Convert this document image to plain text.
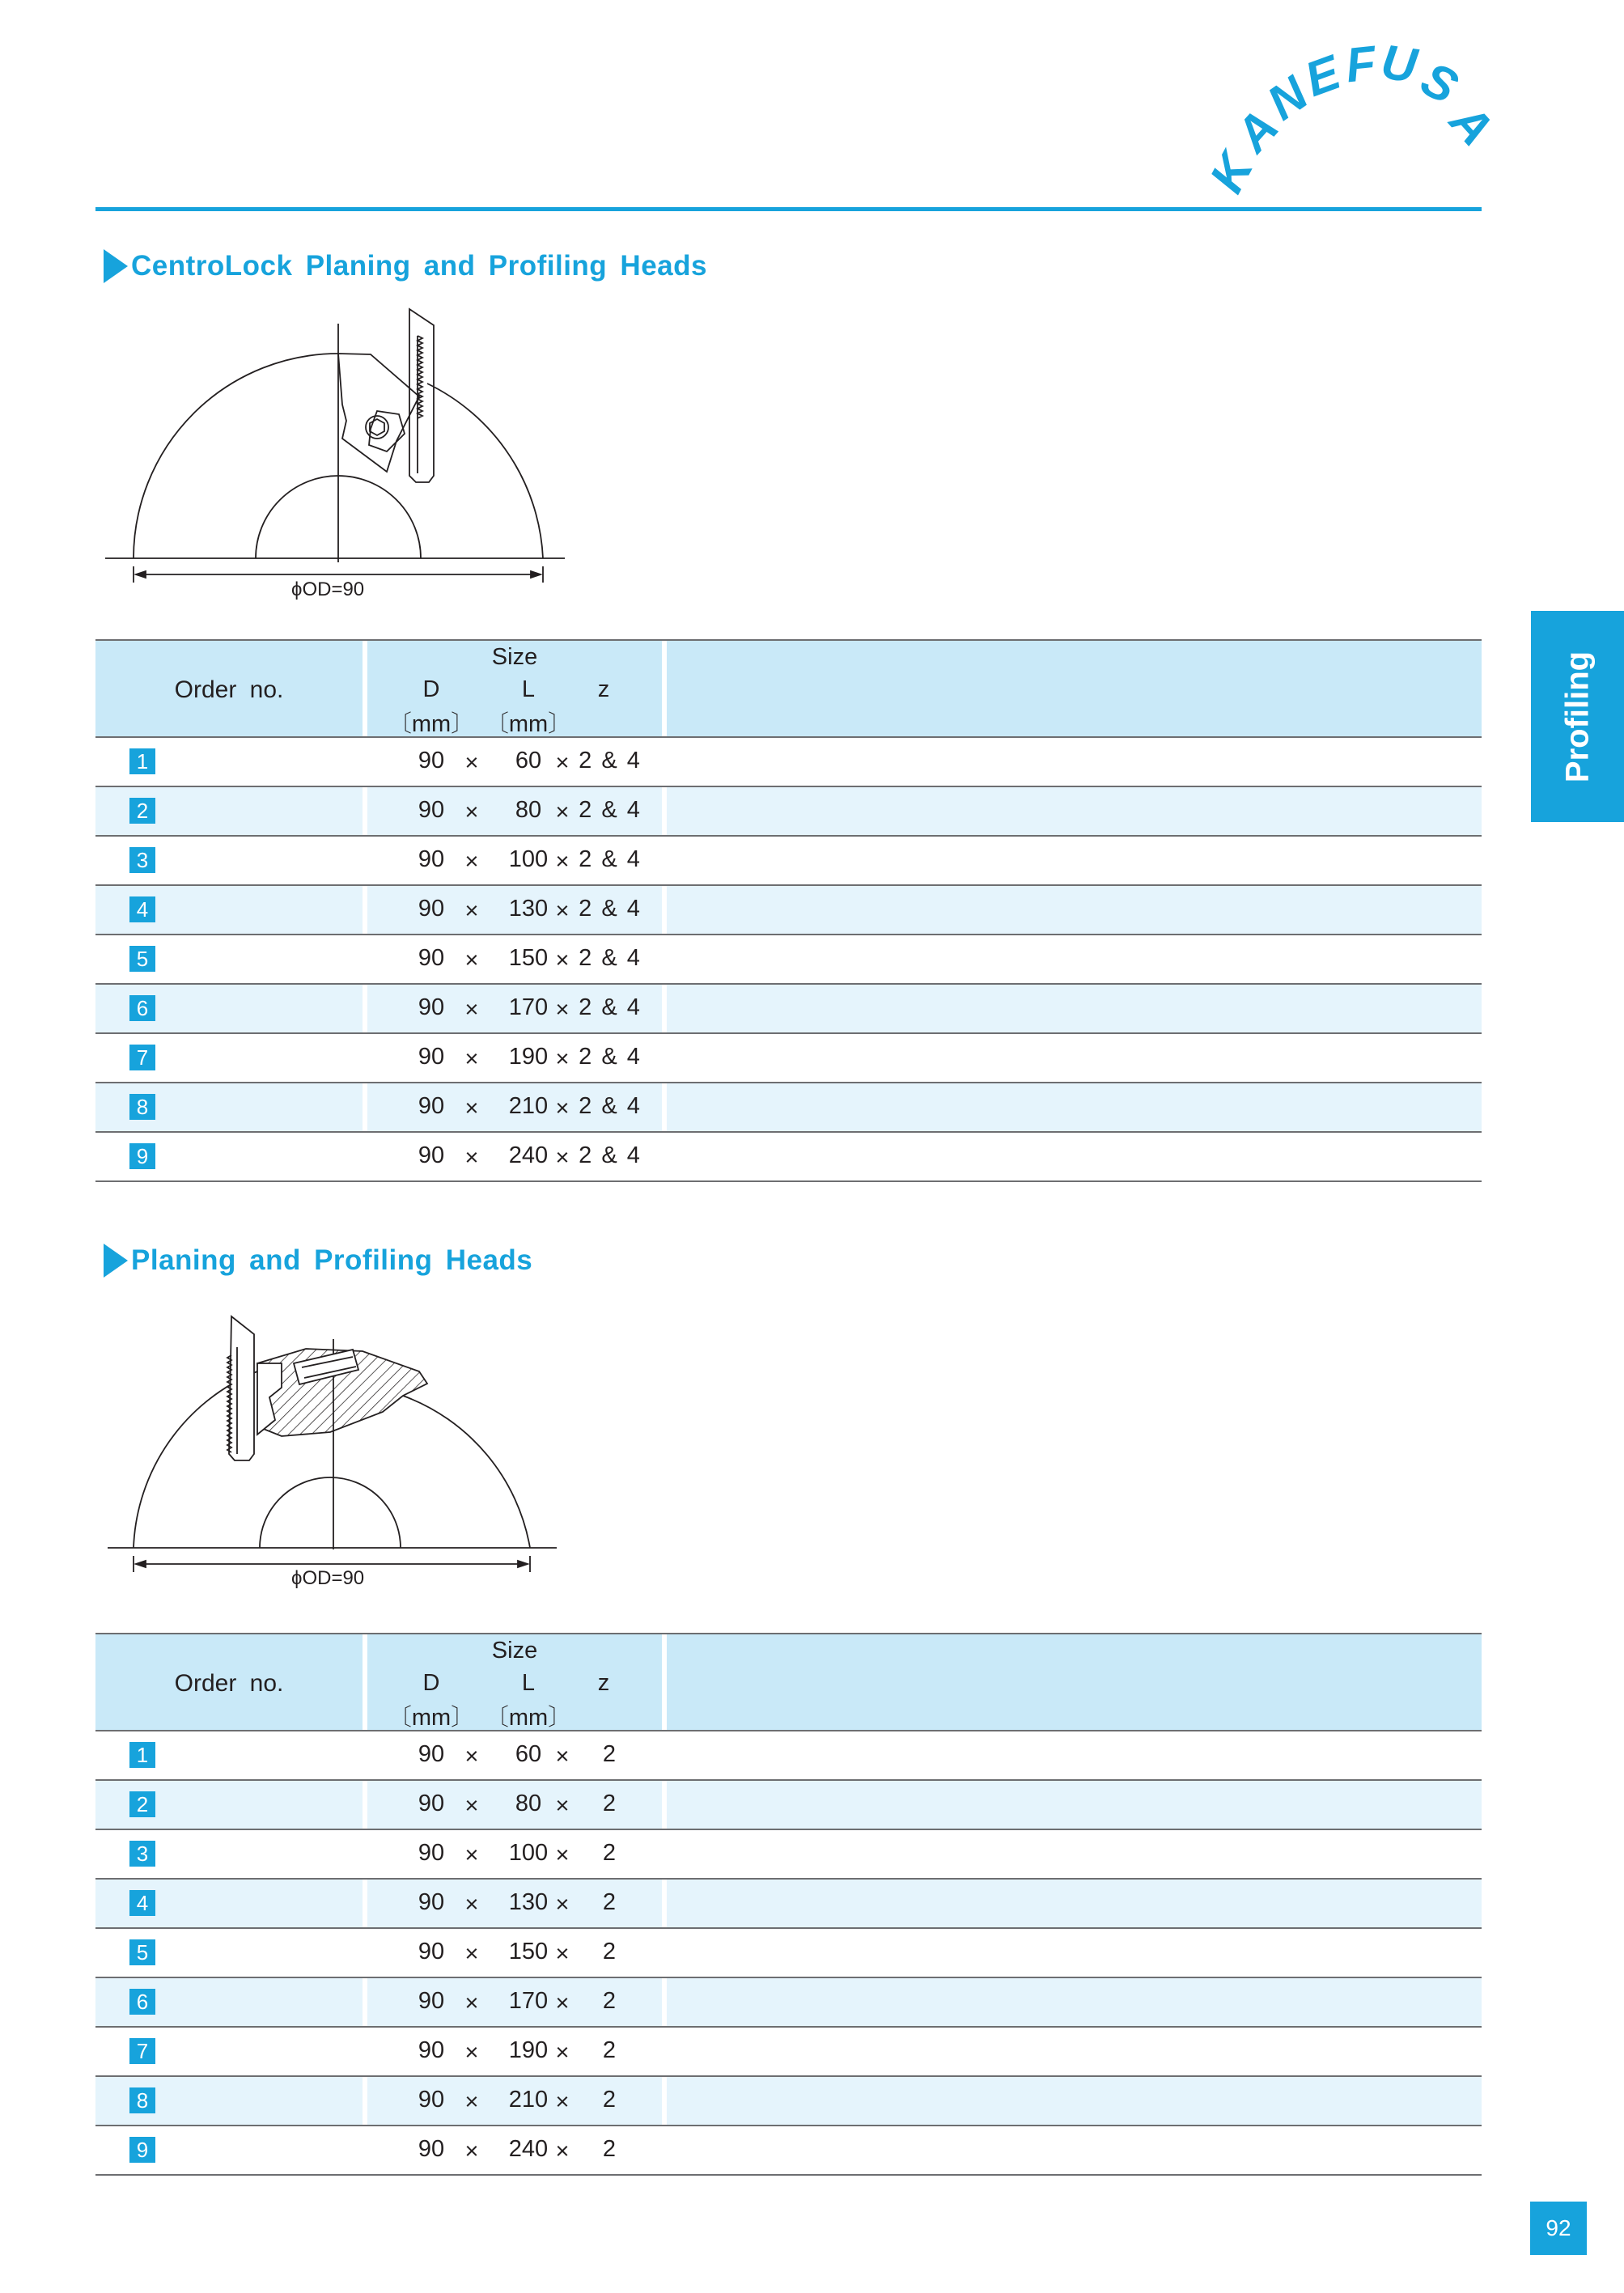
K
A
N
E
F U
S
A
Profiling
CentroLock Planing and Profiling Heads
ϕOD=90
Order no.
Size
D	L	z
〔mm〕 〔mm〕
1	90 ×	60 × 2 & 4
2	90 ×	80 × 2 & 4
3	90 ×	100 × 2 & 4
4	90 ×	130 × 2 & 4
5	90 ×	150 × 2 & 4
6	90 ×	170 × 2 & 4
7	90 ×	190 × 2 & 4
8	90 ×	210 × 2 & 4
9	90 ×	240 × 2 & 4
Planing and Profiling Heads
ϕOD=90
Order no.
Size
D	L	z
〔mm〕 〔mm〕
1	90 ×	60 ×	2
2	90 ×	80 ×	2
3	90 ×	100 ×	2
4	90 ×	130 ×	2
5	90 ×	150 ×	2
6	90 ×	170 ×	2
7	90 ×	190 ×	2
8	90 ×	210 ×	2
9	90 ×	240 ×	2
92
